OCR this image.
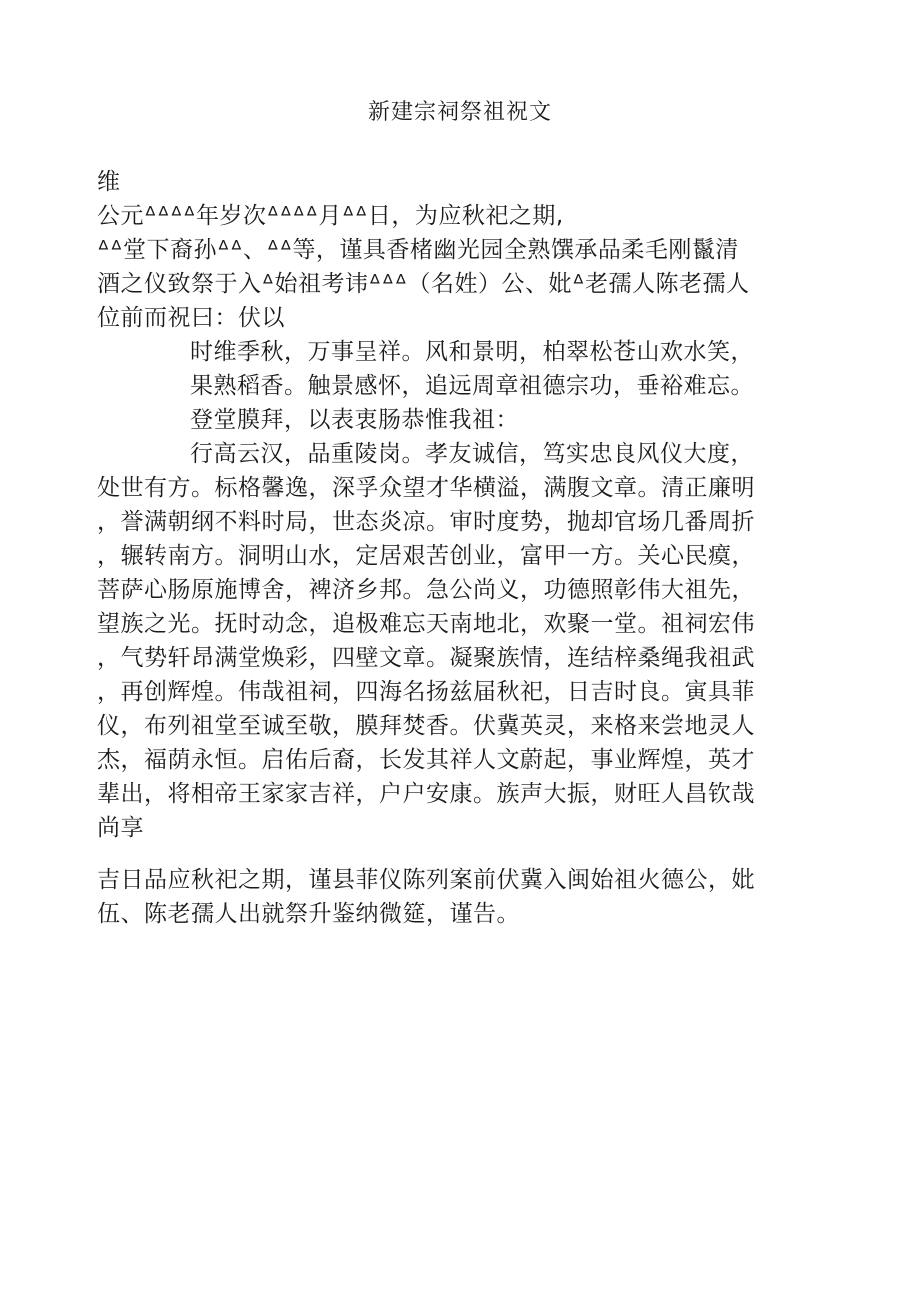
新建宗祠祭祖祝文
维
公元ᐞᐞᐞᐞ年岁次ᐞᐞᐞᐞ月ᐞᐞ日，为应秋祀之期,
ᐞᐞ堂下裔孙ᐞᐞ、ᐞᐞ等，谨具香楮幽光园全熟馔承品柔毛刚鬣清
酒之仪致祭于入ᐞ始祖考讳ᐞᐞᐞ（名姓）公、妣ᐞ老孺人陈老孺人
位前而祝曰：伏以
时维季秋，万事呈祥。风和景明，柏翠松苍山欢水笑，
果熟稻香。触景感怀，追远周章祖德宗功，垂裕难忘。
登堂膜拜，以表衷肠恭惟我祖：
行高云汉，品重陵岗。孝友诚信，笃实忠良风仪大度，
处世有方。标格馨逸，深孚众望才华横溢，满腹文章。清正廉明
，誉满朝纲不料时局，世态炎凉。审时度势，抛却官场几番周折
，辗转南方。洞明山水，定居艰苦创业，富甲一方。关心民瘼，
菩萨心肠原施博舍，裨济乡邦。急公尚义，功德照彰伟大祖先，
望族之光。抚时动念，追极难忘天南地北，欢聚一堂。祖祠宏伟
，气势轩昂满堂焕彩，四壁文章。凝聚族情，连结梓桑绳我祖武
，再创辉煌。伟哉祖祠，四海名扬兹届秋祀，日吉时良。寅具菲
仪，布列祖堂至诚至敬，膜拜焚香。伏冀英灵，来格来尝地灵人
杰，福荫永恒。启佑后裔，长发其祥人文蔚起，事业辉煌，英才
辈出，将相帝王家家吉祥，户户安康。族声大振，财旺人昌钦哉
尚享
吉日品应秋祀之期，谨县菲仪陈列案前伏冀入闽始祖火德公，妣
伍、陈老孺人出就祭升鉴纳微筵，谨告。
